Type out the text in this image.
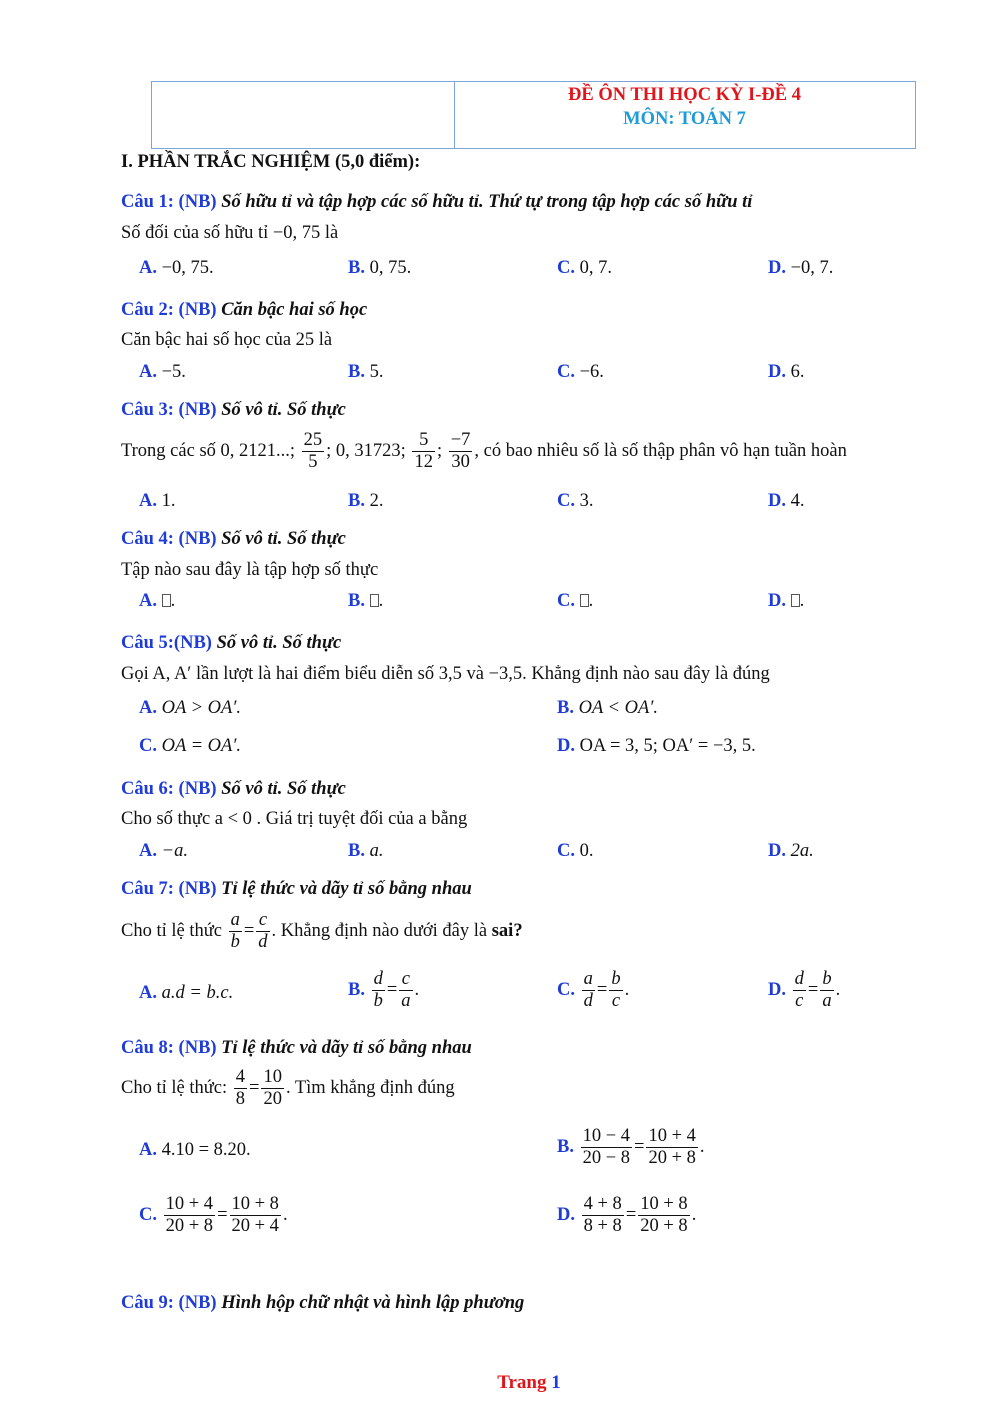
ĐỀ ÔN THI HỌC KỲ I-ĐỀ 4
MÔN: TOÁN 7
I. PHẦN TRẮC NGHIỆM (5,0 điểm):
Câu 1: (NB) Số hữu tỉ và tập hợp các số hữu tỉ. Thứ tự trong tập hợp các số hữu tỉ
Số đối của số hữu tỉ −0, 75 là
A. −0, 75.	B. 0, 75.	C. 0, 7.	D. −0, 7.
Câu 2: (NB) Căn bậc hai số học
Căn bậc hai số học của 25 là
A. −5.	B. 5.	C. −6.	D. 6.
Câu 3: (NB) Số vô tỉ. Số thực
Trong các số 0, 2121...; $\frac{25}{5}$ ; 0, 31723; $\frac{5}{12}$ ; $\frac{-7}{30}$ , có bao nhiêu số là số thập phân vô hạn tuần hoàn
A. 1.	B. 2.	C. 3.	D. 4.
Câu 4: (NB) Số vô tỉ. Số thực
Tập nào sau đây là tập hợp số thực
A. .	B. .	C. .	D. .
Câu 5:(NB) Số vô tỉ. Số thực
Gọi A, A′ lần lượt là hai điểm biểu diễn số 3,5 và −3,5. Khẳng định nào sau đây là đúng
A. OA > OA′.	B. OA < OA′.
C. OA = OA′.	D. OA = 3, 5; OA′ = −3, 5.
Câu 6: (NB) Số vô tỉ. Số thực
Cho số thực a < 0 . Giá trị tuyệt đối của a bằng
A. −a.	B. a.	C. 0.	D. 2a.
Câu 7: (NB) Tỉ lệ thức và dãy tỉ số bằng nhau
Cho tỉ lệ thức $\frac{a}{b} = \frac{c}{d}$ . Khẳng định nào dưới đây là sai?
A. a.d = b.c.	B. $\frac{d}{b} = \frac{c}{a}$ .	C. $\frac{a}{d} = \frac{b}{c}$ .	D. $\frac{d}{c} = \frac{b}{a}$ .
Câu 8: (NB) Tỉ lệ thức và dãy tỉ số bằng nhau
Cho tỉ lệ thức: $\frac{4}{8} = \frac{10}{20}$ . Tìm khẳng định đúng
A. 4.10 = 8.20.	B. $\frac{10 - 4}{20 - 8} = \frac{10 + 4}{20 + 8}$ .
C. $\frac{10 + 4}{20 + 8} = \frac{10 + 8}{20 + 4}$ .	D. $\frac{4 + 8}{8 + 8} = \frac{10 + 8}{20 + 8}$ .
Câu 9: (NB) Hình hộp chữ nhật và hình lập phương
Trang 1
